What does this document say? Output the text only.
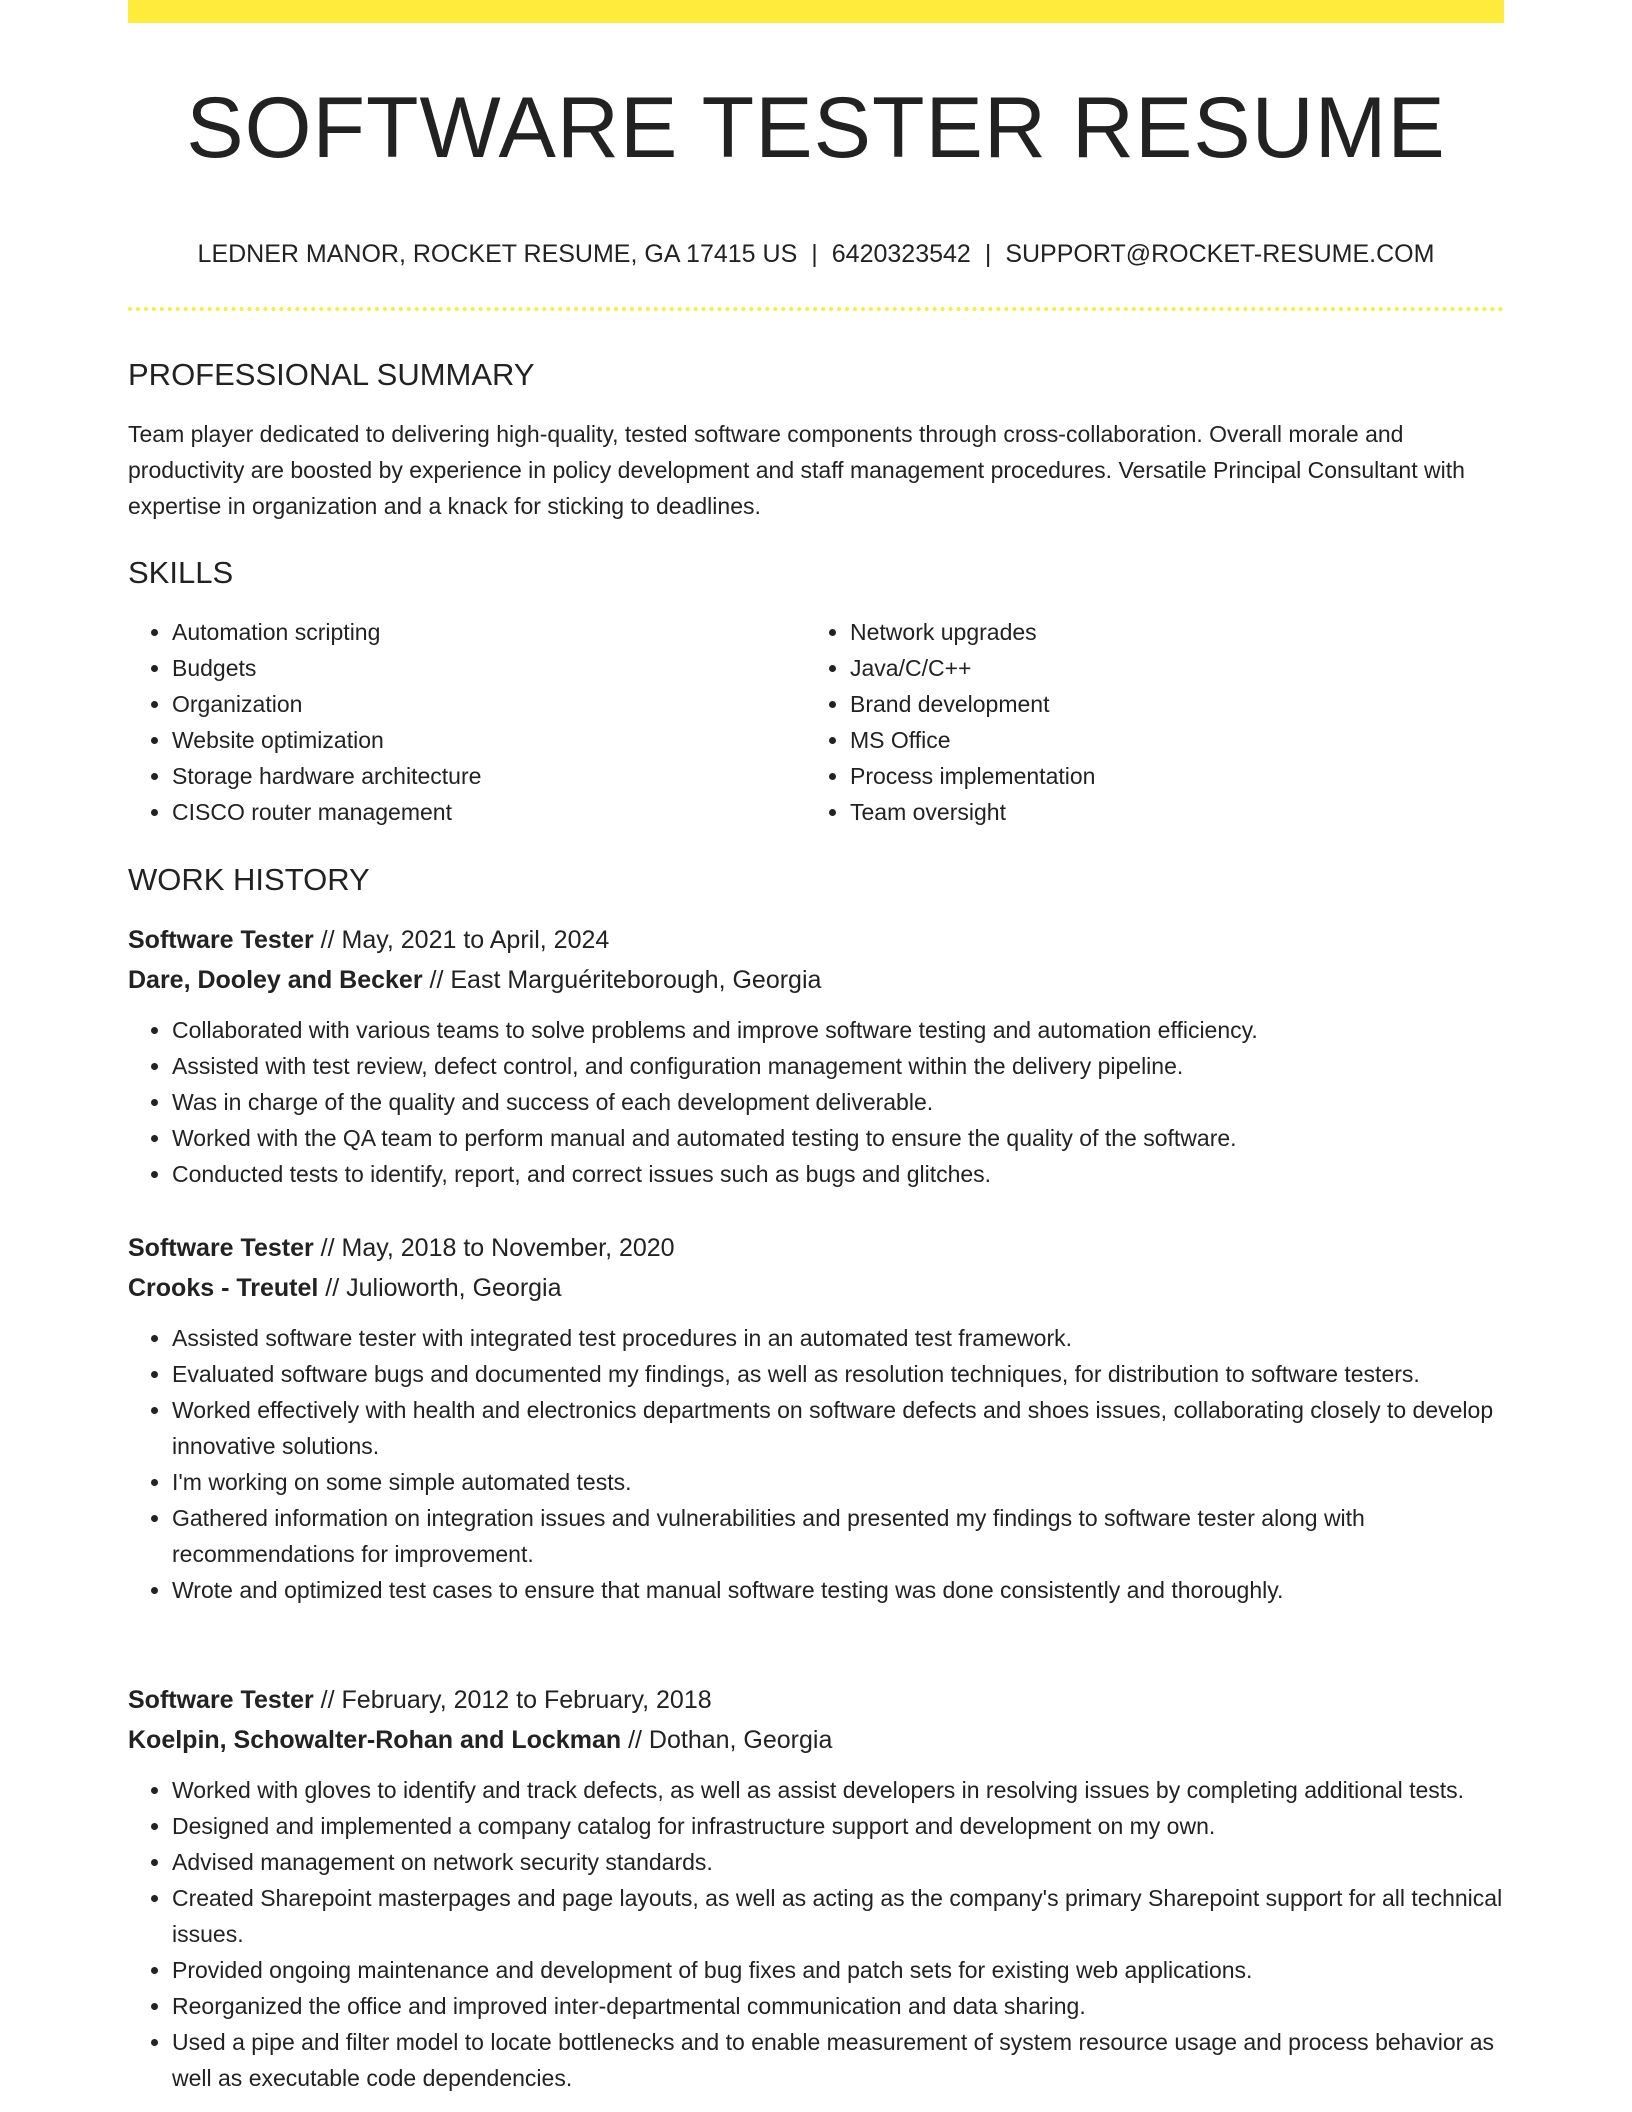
SOFTWARE TESTER RESUME
LEDNER MANOR, ROCKET RESUME, GA 17415 US | 6420323542 | SUPPORT@ROCKET-RESUME.COM
PROFESSIONAL SUMMARY

Team player dedicated to delivering high-quality, tested software components through cross-collaboration. Overall morale and productivity are boosted by experience in policy development and staff management procedures. Versatile Principal Consultant with expertise in organization and a knack for sticking to deadlines.

SKILLS
• Automation scripting
• Budgets
• Organization
• Website optimization
• Storage hardware architecture
• CISCO router management
• Network upgrades
• Java/C/C++
• Brand development
• MS Office
• Process implementation
• Team oversight
WORK HISTORY
Software Tester // May, 2021 to April, 2024
Dare, Dooley and Becker // East Marguériteborough, Georgia
• Collaborated with various teams to solve problems and improve software testing and automation efficiency.
• Assisted with test review, defect control, and configuration management within the delivery pipeline.
• Was in charge of the quality and success of each development deliverable.
• Worked with the QA team to perform manual and automated testing to ensure the quality of the software.
• Conducted tests to identify, report, and correct issues such as bugs and glitches.
Software Tester // May, 2018 to November, 2020
Crooks - Treutel // Julioworth, Georgia
• Assisted software tester with integrated test procedures in an automated test framework.
• Evaluated software bugs and documented my findings, as well as resolution techniques, for distribution to software testers.
• Worked effectively with health and electronics departments on software defects and shoes issues, collaborating closely to develop innovative solutions.
• I'm working on some simple automated tests.
• Gathered information on integration issues and vulnerabilities and presented my findings to software tester along with recommendations for improvement.
• Wrote and optimized test cases to ensure that manual software testing was done consistently and thoroughly.
Software Tester // February, 2012 to February, 2018
Koelpin, Schowalter-Rohan and Lockman // Dothan, Georgia
• Worked with gloves to identify and track defects, as well as assist developers in resolving issues by completing additional tests.
• Designed and implemented a company catalog for infrastructure support and development on my own.
• Advised management on network security standards.
• Created Sharepoint masterpages and page layouts, as well as acting as the company's primary Sharepoint support for all technical issues.
• Provided ongoing maintenance and development of bug fixes and patch sets for existing web applications.
• Reorganized the office and improved inter-departmental communication and data sharing.
• Used a pipe and filter model to locate bottlenecks and to enable measurement of system resource usage and process behavior as well as executable code dependencies.
